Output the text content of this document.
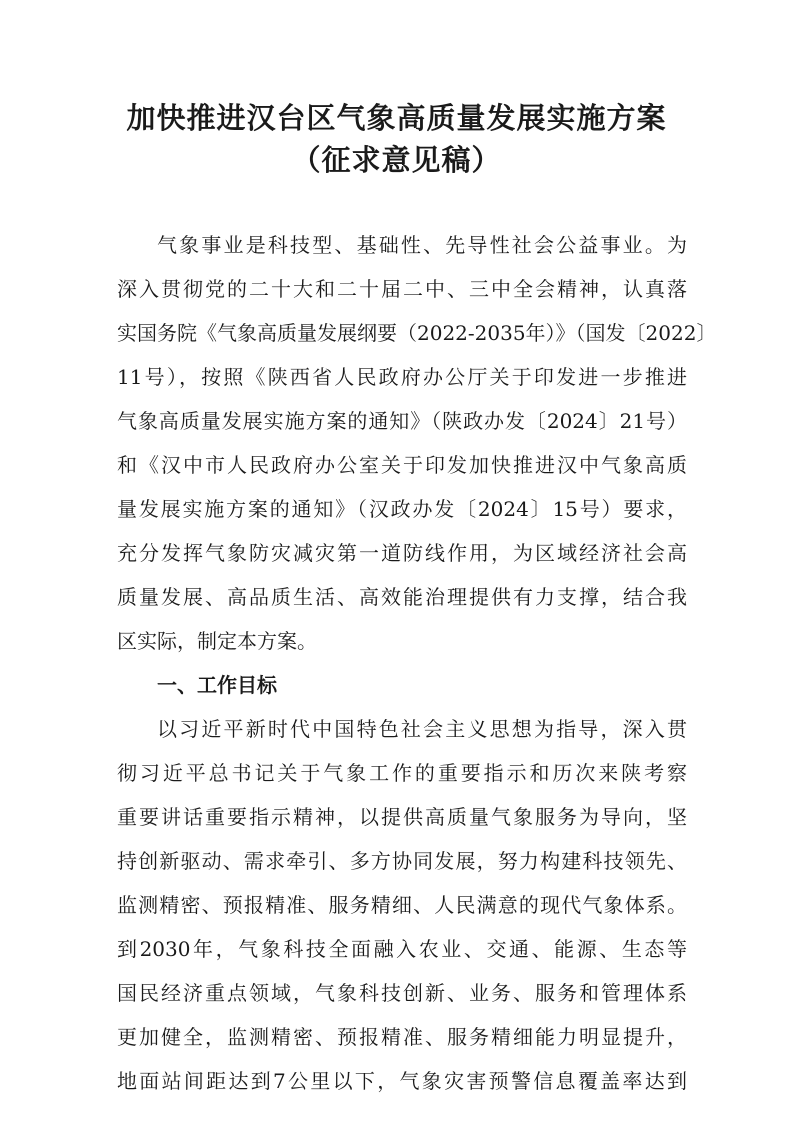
加快推进汉台区气象高质量发展实施方案
（征求意见稿）
气象事业是科技型、基础性、先导性社会公益事业。为
深入贯彻党的二十大和二十届二中、三中全会精神，认真落
实国务院《气象高质量发展纲要（2022-2035年）》（国发〔2022〕
11号），按照《陕西省人民政府办公厅关于印发进一步推进
气象高质量发展实施方案的通知》（陕政办发〔2024〕21号）
和《汉中市人民政府办公室关于印发加快推进汉中气象高质
量发展实施方案的通知》（汉政办发〔2024〕15号）要求，
充分发挥气象防灾减灾第一道防线作用，为区域经济社会高
质量发展、高品质生活、高效能治理提供有力支撑，结合我
区实际，制定本方案。
一、工作目标
以习近平新时代中国特色社会主义思想为指导，深入贯
彻习近平总书记关于气象工作的重要指示和历次来陕考察
重要讲话重要指示精神，以提供高质量气象服务为导向，坚
持创新驱动、需求牵引、多方协同发展，努力构建科技领先、
监测精密、预报精准、服务精细、人民满意的现代气象体系。
到2030年，气象科技全面融入农业、交通、能源、生态等
国民经济重点领域，气象科技创新、业务、服务和管理体系
更加健全，监测精密、预报精准、服务精细能力明显提升，
地面站间距达到7公里以下，气象灾害预警信息覆盖率达到
